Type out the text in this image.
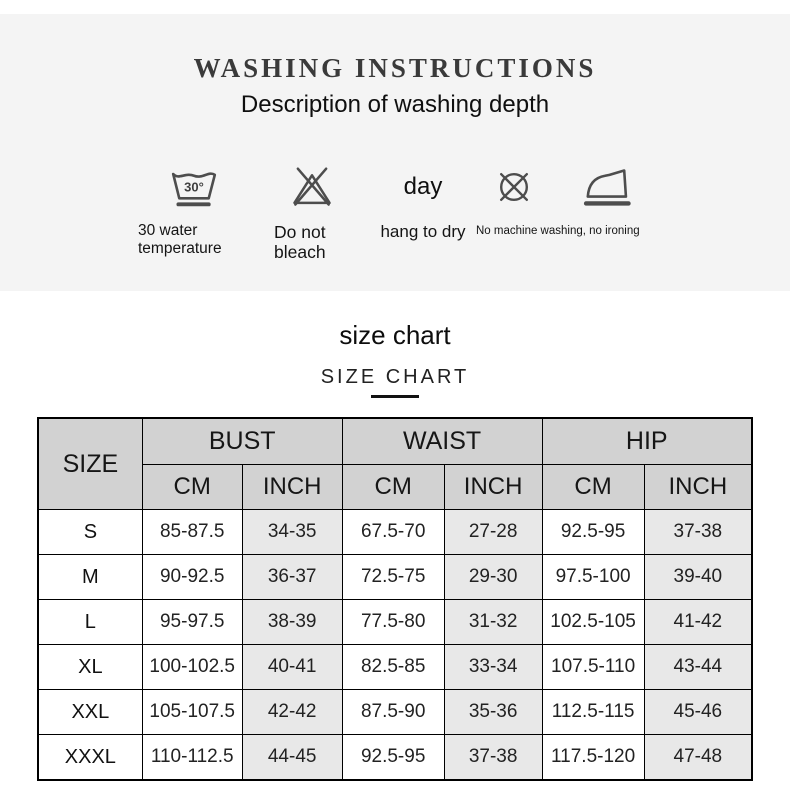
WASHING INSTRUCTIONS
Description of washing depth
30°
30 water temperature
Do not bleach
day
hang to dry No machine washing, no ironing
size chart
SIZE CHART
SIZE	BUST		WAIST		HIP	
	CM	INCH	CM	INCH	CM	INCH
S	85-87.5	34-35	67.5-70	27-28	92.5-95	37-38
M	90-92.5	36-37	72.5-75	29-30	97.5-100	39-40
L	95-97.5	38-39	77.5-80	31-32	102.5-105	41-42
XL	100-102.5	40-41	82.5-85	33-34	107.5-110	43-44
XXL	105-107.5	42-42	87.5-90	35-36	112.5-115	45-46
XXXL	110-112.5	44-45	92.5-95	37-38	117.5-120	47-48
